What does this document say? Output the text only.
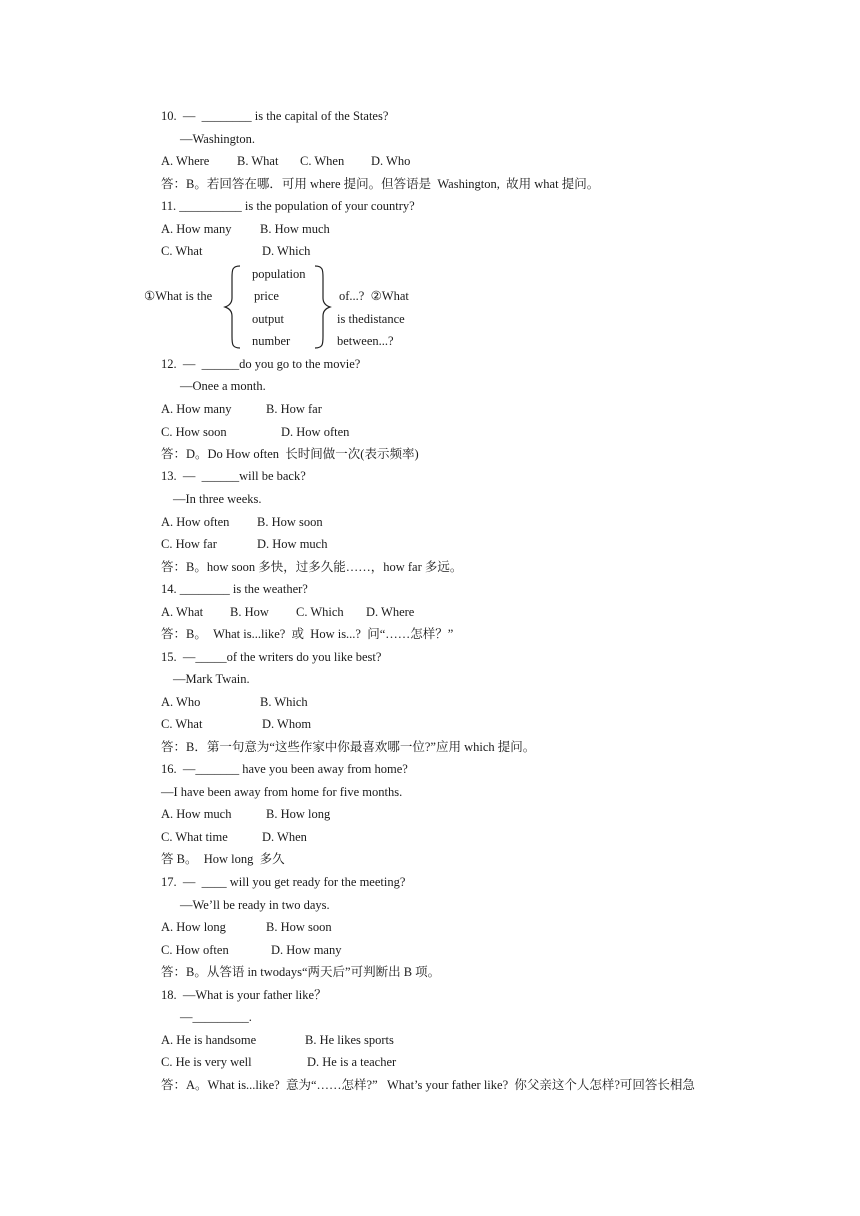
10.  —  ________ is the capital of the States?
—Washington.
A. Where B. What C. When D. Who
答：B。若回答在哪．可用 where 提问。但答语是  Washington,  故用 what 提问。
11. __________ is the population of your country?
A. How many B. How much
C. What	D. Which
①What is the
population
price
output
number
of...?  ②What
is thedistance
between...?
12.  —  ______do you go to the movie?
—Onee a month.
A. How many	B. How far
C. How soon	D. How often
答：D。Do How often  长时间做一次(表示频率)
13.  —  ______will be back?
—In three weeks.
A. How often B. How soon
C. How far	D. How much
答：B。how soon 多快，过多久能……，how far 多远。
14. ________ is the weather?
A. What B. How C. Which D. Where
答：B。  What is...like?  或  How is...?  问“……怎样？”
15.  —_____of the writers do you like best?
—Mark Twain.
A. Who	B. Which
C. What	D. Whom
答：B．第一句意为“这些作家中你最喜欢哪一位?”应用 which 提问。
16.  —_______ have you been away from home?
—I have been away from home for five months.
A. How much	B. How long
C. What time	D. When
答 B。  How long  多久
17.  —  ____ will you get ready for the meeting?
—We’ll be ready in two days.
A. How long	B. How soon
C. How often	D. How many
答：B。从答语 in twodays“两天后”可判断出 B 项。
18.  —What is your father like？
—_________.
A. He is handsome	B. He likes sports
C. He is very well	D. He is a teacher
答：A。What is...like?  意为“……怎样?”   What’s your father like?  你父亲这个人怎样?可回答长相急
